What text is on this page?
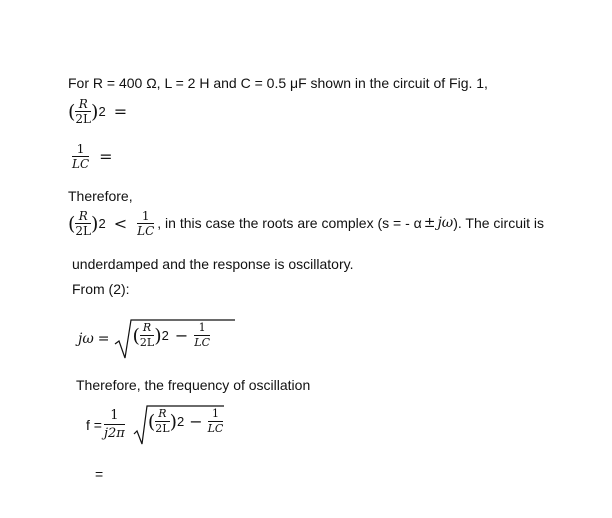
For R = 400 Ω, L = 2 H and C = 0.5 μF shown in the circuit of Fig. 1,
( $\frac{R}{2L}$ ) 2 =
$\frac{1}{LC}$ =
Therefore,
( $\frac{R}{2L}$ ) $2 < \frac{1}{LC}$ , in this case the roots are complex (s = - α ± jω ). The circuit is
underdamped and the response is oscillatory.
From (2):
jω = ( $\frac{R}{2L}$ ) $2 - \frac{1}{LC}$
Therefore, the frequency of oscillation
$f = \frac{1}{j2\pi}$ ( $\frac{R}{2L}$ ) $2 - \frac{1}{LC}$
=
